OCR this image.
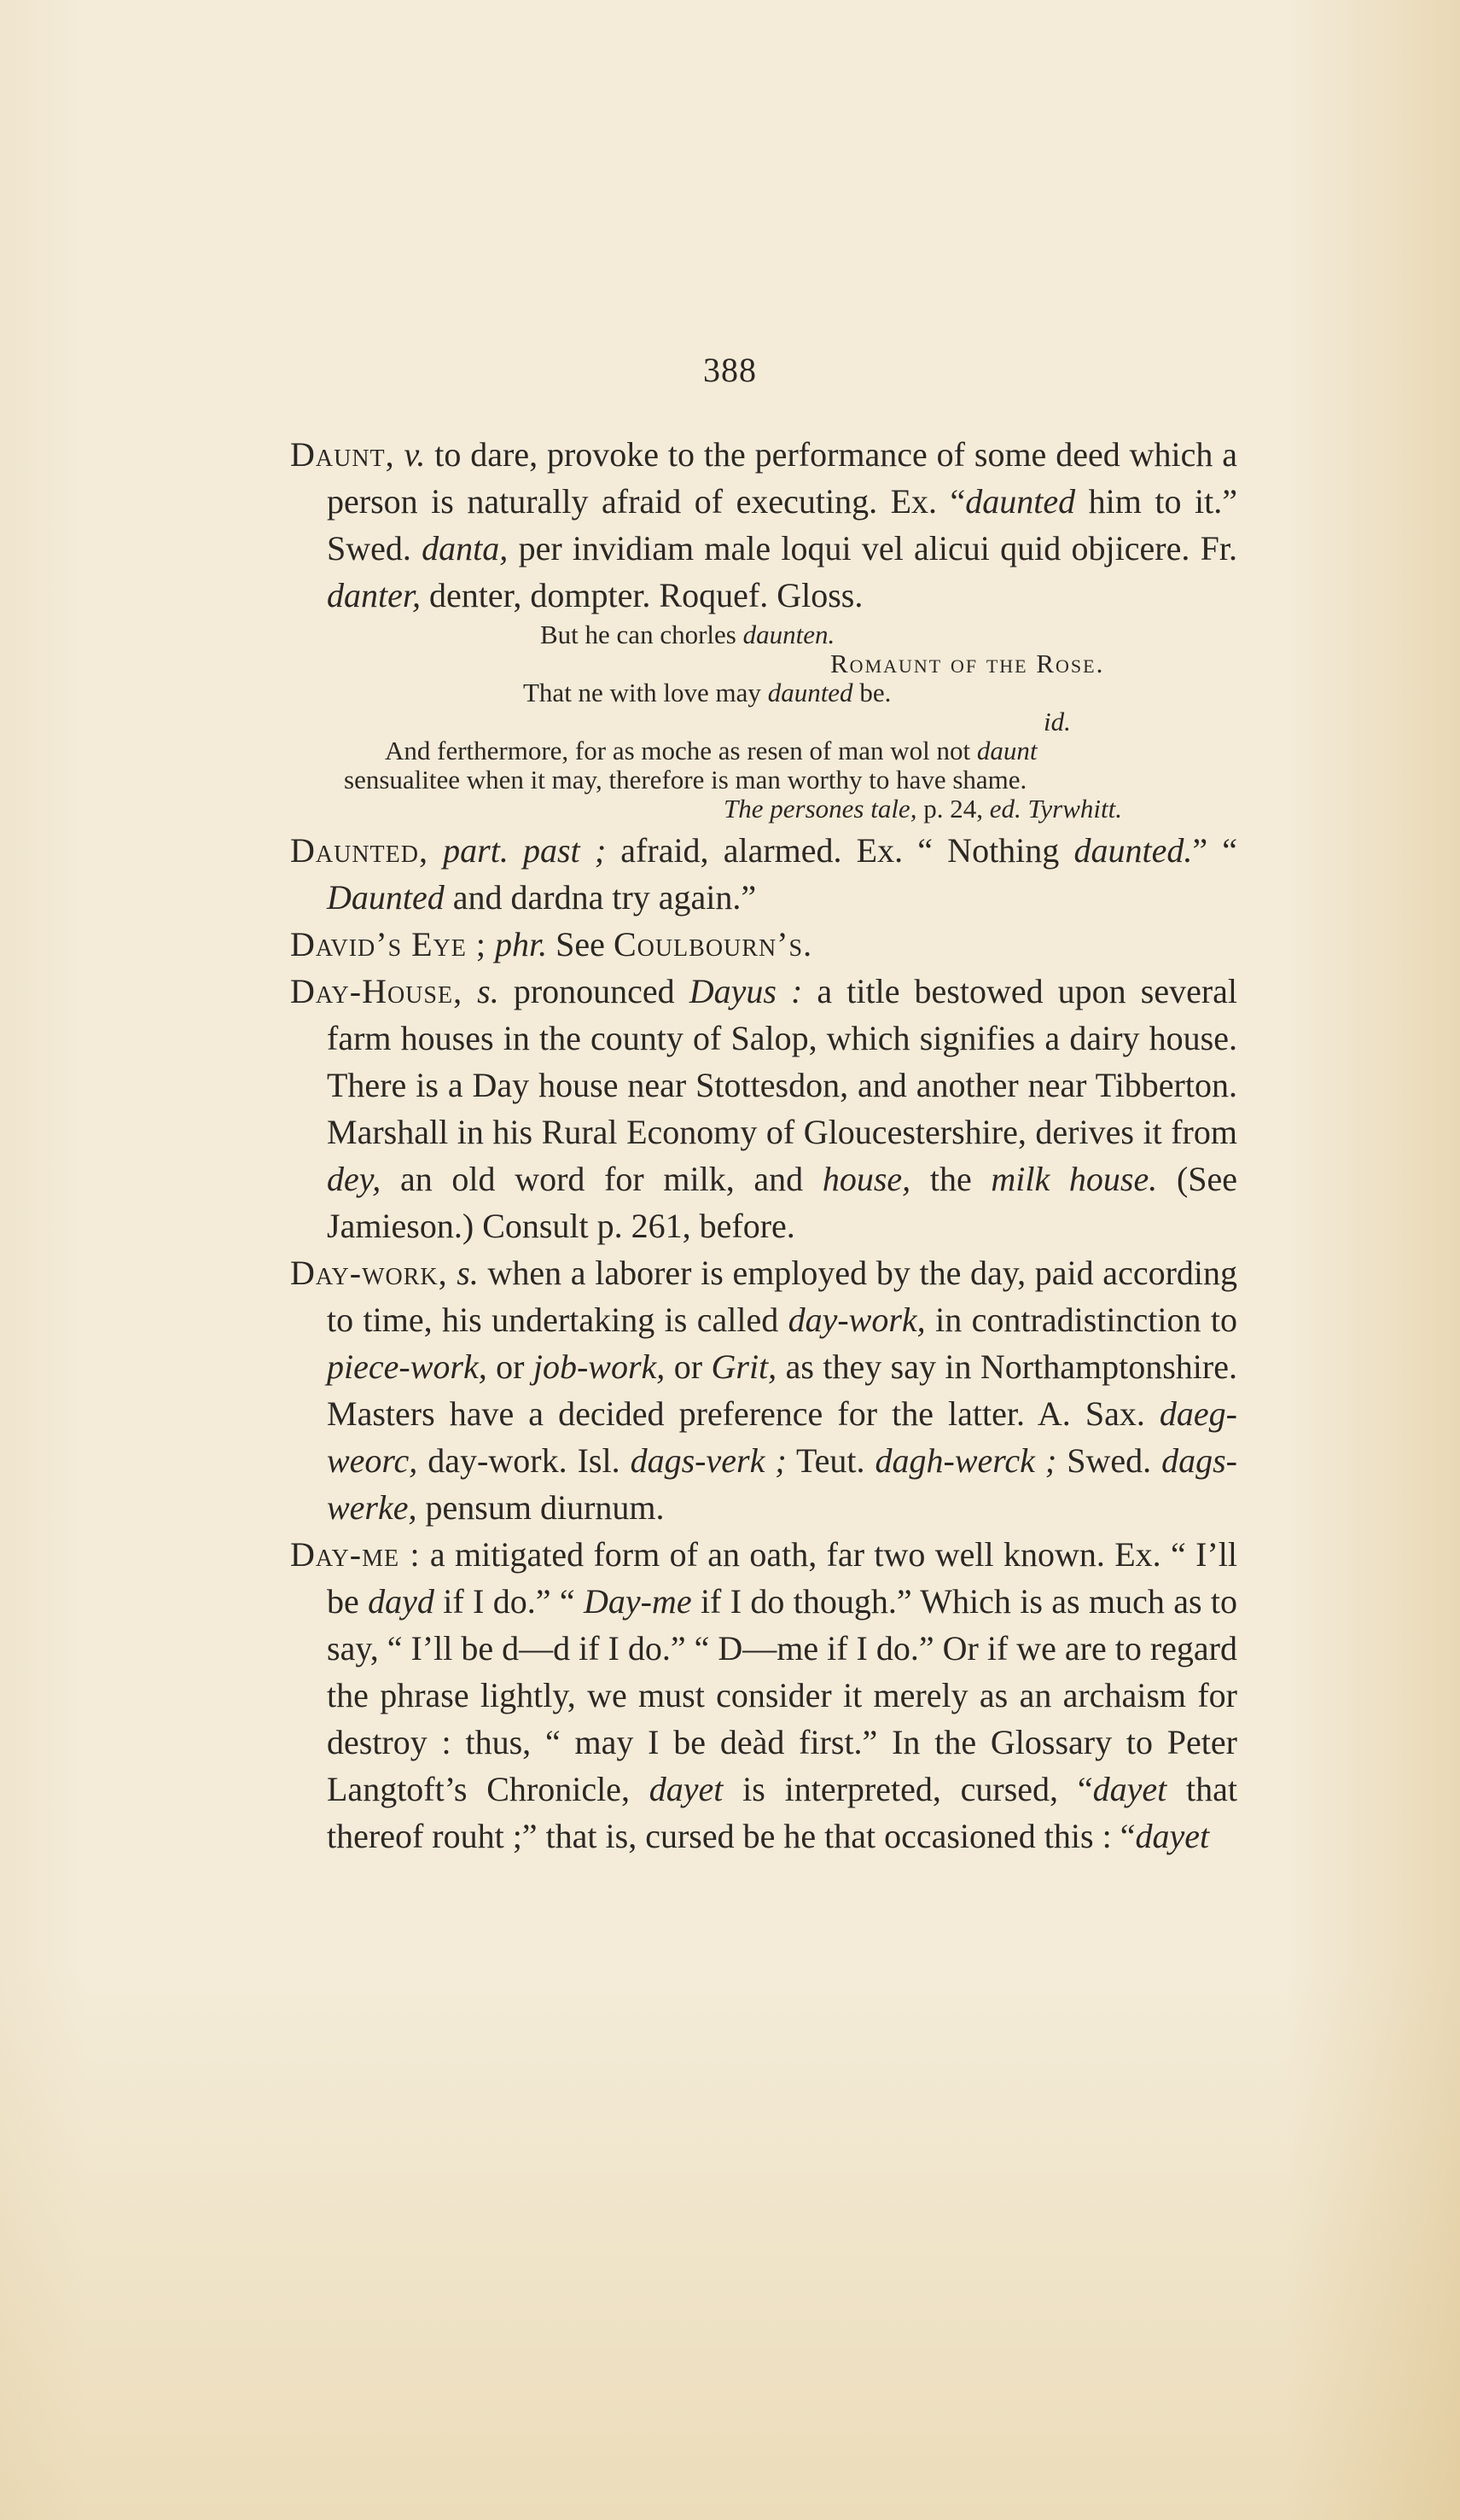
388

Daunt, v. to dare, provoke to the performance of some deed which a person is naturally afraid of executing. Ex. “daunted him to it.” Swed. danta, per invidiam male loqui vel alicui quid objicere. Fr. danter, denter, dompter. Roquef. Gloss.

But he can chorles daunten.
Romaunt of the Rose.
That ne with love may daunted be.
id.
And ferthermore, for as moche as resen of man wol not daunt
sensualitee when it may, therefore is man worthy to have shame.
The persones tale, p. 24, ed. Tyrwhitt.

Daunted, part. past ; afraid, alarmed. Ex. “ Nothing daunted.” “ Daunted and dardna try again.”

David’s Eye ; phr. See Coulbourn’s.

Day-House, s. pronounced Dayus : a title bestowed upon several farm houses in the county of Salop, which signifies a dairy house. There is a Day house near Stottesdon, and another near Tibberton. Marshall in his Rural Economy of Gloucestershire, derives it from dey, an old word for milk, and house, the milk house. (See Jamieson.) Consult p. 261, before.

Day-work, s. when a laborer is employed by the day, paid according to time, his undertaking is called day-work, in contradistinction to piece-work, or job-work, or Grit, as they say in Northamptonshire. Masters have a decided preference for the latter. A. Sax. daeg-weorc, day-work. Isl. dags-verk ; Teut. dagh-werck ; Swed. dags-werke, pensum diurnum.

Day-me : a mitigated form of an oath, far two well known. Ex. “ I’ll be dayd if I do.” “ Day-me if I do though.” Which is as much as to say, “ I’ll be d—d if I do.” “ D—me if I do.” Or if we are to regard the phrase lightly, we must consider it merely as an archaism for destroy : thus, “ may I be deàd first.” In the Glossary to Peter Langtoft’s Chronicle, dayet is interpreted, cursed, “dayet that thereof rouht ;” that is, cursed be he that occasioned this : “dayet
